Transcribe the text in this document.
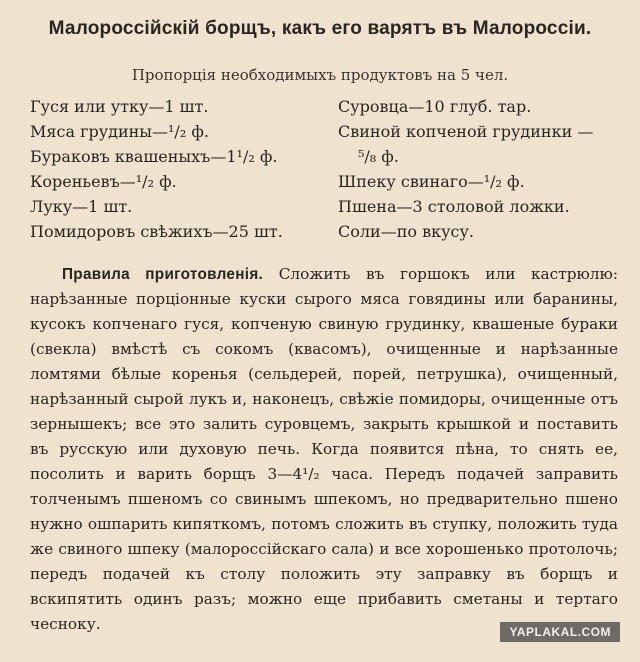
Малороссійскій борщъ, какъ его варятъ въ Малороссіи.
Пропорція необходимыхъ продуктовъ на 5 чел.
Гуся или утку—1 шт.
Мяса грудины—¹/₂ ф.
Бураковъ квашеныхъ—1¹/₂ ф.
Кореньевъ—¹/₂ ф.
Луку—1 шт.
Помидоровъ свѣжихъ—25 шт.
Суровца—10 глуб. тар.
Свиной копченой грудинки —
⁵/₈ ф.
Шпеку свинаго—¹/₂ ф.
Пшена—3 столовой ложки.
Соли—по вкусу.
Правила приготовленія. Сложить въ горшокъ или кастрюлю: нарѣзанные порціонные куски сырого мяса говядины или баранины, кусокъ копченаго гуся, копченую свиную грудинку, квашеные бураки (свекла) вмѣстѣ съ сокомъ (квасомъ), очищенные и нарѣзанные ломтями бѣлые коренья (сельдерей, порей, петрушка), очищенный, нарѣзанный сырой лукъ и, наконецъ, свѣжіе помидоры, очищенные отъ зернышекъ; все это залить суровцемъ, закрыть крышкой и поставить въ русскую или духовую печь. Когда появится пѣна, то снять ее, посолить и варить борщъ 3—4¹/₂ часа. Передъ подачей заправить толченымъ пшеномъ со свинымъ шпекомъ, но предварительно пшено нужно ошпарить кипяткомъ, потомъ сложить въ ступку, положить туда же свиного шпеку (малороссійскаго сала) и все хорошенько протолочь; передъ подачей къ столу положить эту заправку въ борщъ и вскипятить одинъ разъ; можно еще прибавить сметаны и тертаго чесноку.	YAPLAKAL.COM
